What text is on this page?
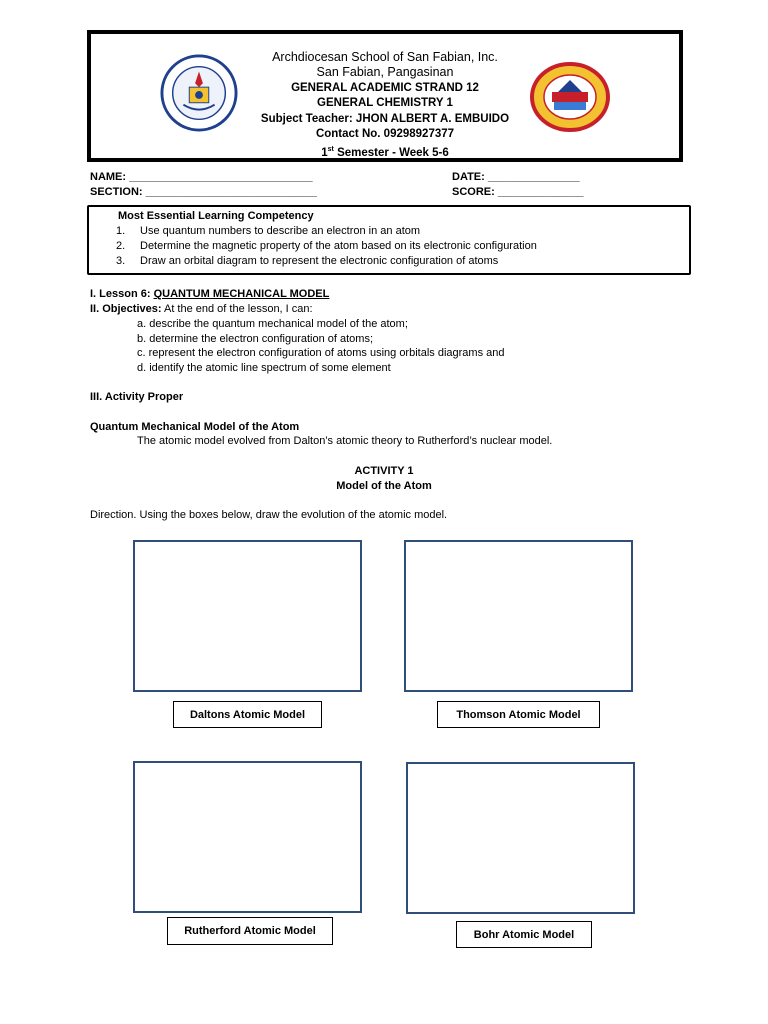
Archdiocesan School of San Fabian, Inc.
San Fabian, Pangasinan
GENERAL ACADEMIC STRAND 12
GENERAL CHEMISTRY 1
Subject Teacher: JHON ALBERT A. EMBUIDO
Contact No. 09298927377
1st Semester - Week 5-6
NAME: ______________________________
SECTION: ____________________________
DATE: _______________
SCORE: ______________
Most Essential Learning Competency
1. Use quantum numbers to describe an electron in an atom
2. Determine the magnetic property of the atom based on its electronic configuration
3. Draw an orbital diagram to represent the electronic configuration of atoms
I. Lesson 6: QUANTUM MECHANICAL MODEL
II. Objectives: At the end of the lesson, I can:
a. describe the quantum mechanical model of the atom;
b. determine the electron configuration of atoms;
c. represent the electron configuration of atoms using orbitals diagrams and
d. identify the atomic line spectrum of some element
III. Activity Proper
Quantum Mechanical Model of the Atom
The atomic model evolved from Dalton’s atomic theory to Rutherford’s nuclear model.
ACTIVITY 1
Model of the Atom
Direction. Using the boxes below, draw the evolution of the atomic model.
Daltons Atomic Model	Thomson Atomic Model
Rutherford Atomic Model	Bohr Atomic Model
